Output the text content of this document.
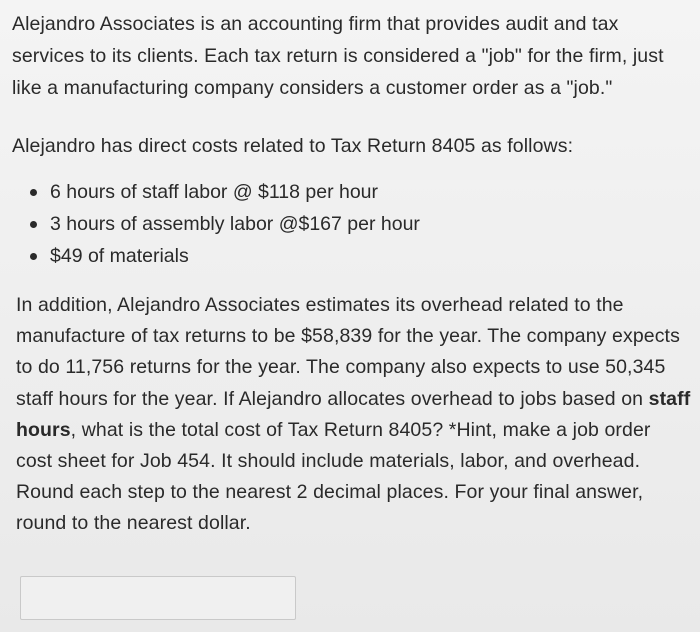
Alejandro Associates is an accounting firm that provides audit and tax services to its clients. Each tax return is considered a "job" for the firm, just like a manufacturing company considers a customer order as a "job."

Alejandro has direct costs related to Tax Return 8405 as follows:

6 hours of staff labor @ $118 per hour
3 hours of assembly labor @$167 per hour
$49 of materials

In addition, Alejandro Associates estimates its overhead related to the manufacture of tax returns to be $58,839 for the year. The company expects to do 11,756 returns for the year. The company also expects to use 50,345 staff hours for the year. If Alejandro allocates overhead to jobs based on staff hours, what is the total cost of Tax Return 8405? *Hint, make a job order cost sheet for Job 454. It should include materials, labor, and overhead. Round each step to the nearest 2 decimal places. For your final answer, round to the nearest dollar.
